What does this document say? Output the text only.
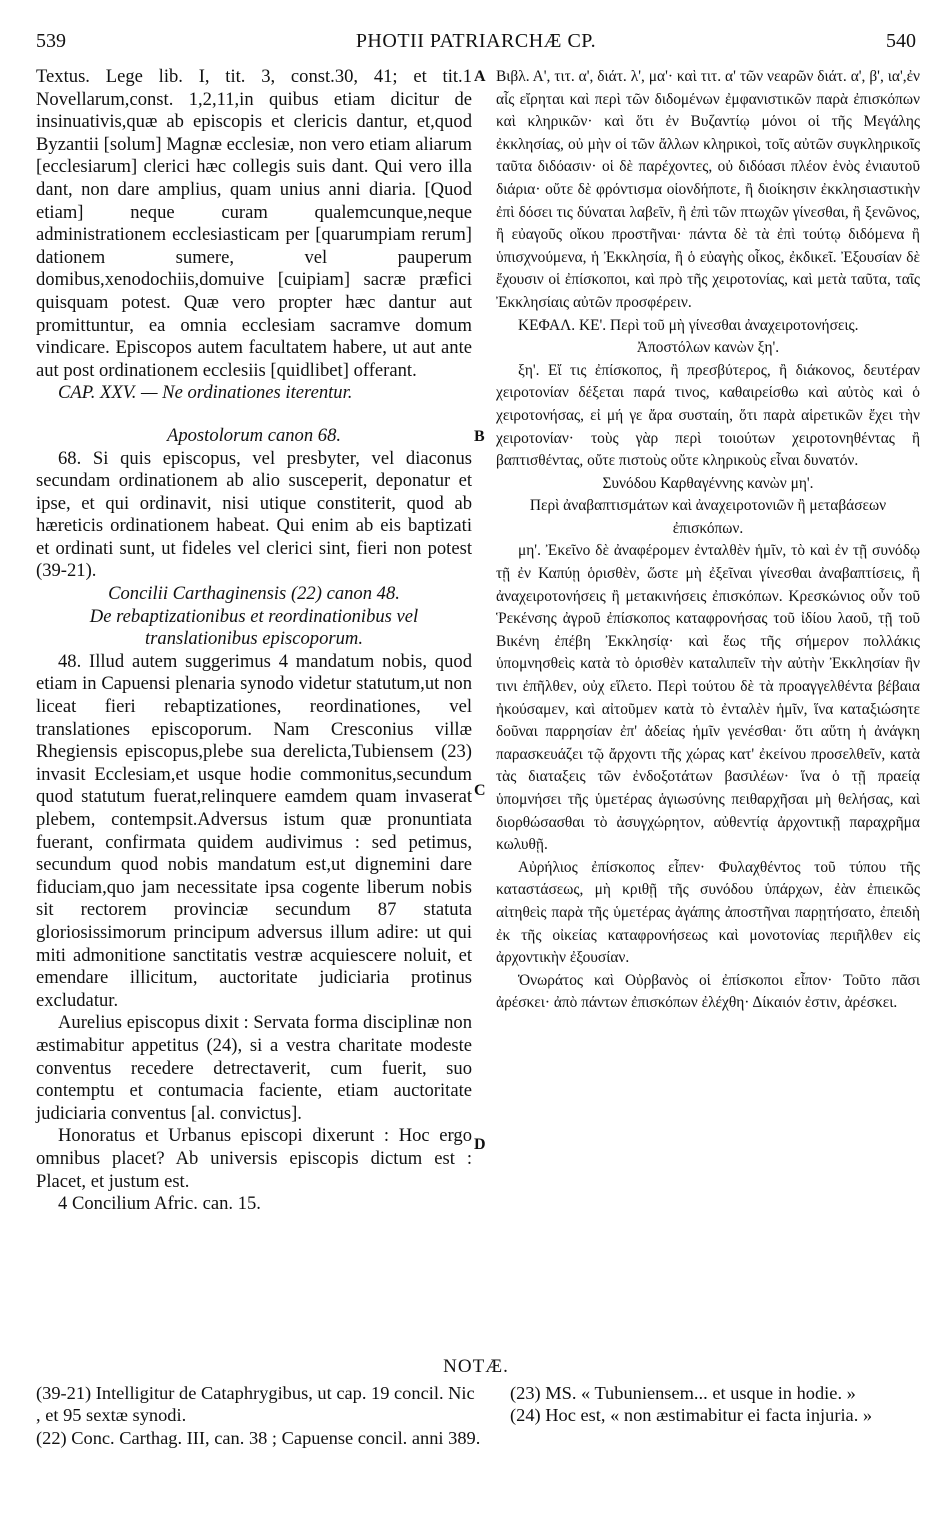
539	PHOTII PATRIARCHÆ CP.	540
A
B
C
D

Textus. Lege lib. I, tit. 3, const.30, 41; et tit.1 Novellarum,const. 1,2,11,in quibus etiam dicitur de insinuativis,quæ ab episcopis et clericis dantur, et,quod Byzantii [solum] Magnæ ecclesiæ, non vero etiam aliarum [ecclesiarum] clerici hæc collegis suis dant. Qui vero illa dant, non dare amplius, quam unius anni diaria. [Quod etiam] neque curam qualemcunque,neque administrationem ecclesiasticam per [quarumpiam rerum] dationem sumere, vel pauperum domibus,xenodochiis,domuive [cuipiam] sacræ præfici quisquam potest. Quæ vero propter hæc dantur aut promittuntur, ea omnia ecclesiam sacramve domum vindicare. Episcopos autem facultatem habere, ut aut ante aut post ordinationem ecclesiis [quidlibet] offerant.

CAP. XXV. — Ne ordinationes iterentur.

Apostolorum canon 68.

68. Si quis episcopus, vel presbyter, vel diaconus secundam ordinationem ab alio susceperit, deponatur et ipse, et qui ordinavit, nisi utique constiterit, quod ab hæreticis ordinationem habeat. Qui enim ab eis baptizati et ordinati sunt, ut fideles vel clerici sint, fieri non potest (39-21).

Concilii Carthaginensis (22) canon 48.

De rebaptizationibus et reordinationibus vel translationibus episcoporum.

48. Illud autem suggerimus 4 mandatum nobis, quod etiam in Capuensi plenaria synodo videtur statutum,ut non liceat fieri rebaptizationes, reordinationes, vel translationes episcoporum. Nam Cresconius villæ Rhegiensis episcopus,plebe sua derelicta,Tubiensem (23) invasit Ecclesiam,et usque hodie commonitus,secundum quod statutum fuerat,relinquere eamdem quam invaserat plebem, contempsit.Adversus istum quæ pronuntiata fuerant, confirmata quidem audivimus : sed petimus, secundum quod nobis mandatum est,ut dignemini dare fiduciam,quo jam necessitate ipsa cogente liberum nobis sit rectorem provinciæ secundum 87 statuta gloriosissimorum principum adversus illum adire: ut qui miti admonitione sanctitatis vestræ acquiescere noluit, et emendare illicitum, auctoritate judiciaria protinus excludatur.

Aurelius episcopus dixit : Servata forma disciplinæ non æstimabitur appetitus (24), si a vestra charitate modeste conventus recedere detrectaverit, cum fuerit, suo contemptu et contumacia faciente, etiam auctoritate judiciaria conventus [al. convictus].

Honoratus et Urbanus episcopi dixerunt : Hoc ergo omnibus placet? Ab universis episcopis dictum est : Placet, et justum est.

4 Concilium Afric. can. 15.

Βιβλ. Α', τιτ. α', διάτ. λ', μα'· καὶ τιτ. α' τῶν νεαρῶν διάτ. α', β', ια',ἐν αἷς εἴρηται καὶ περὶ τῶν διδομένων ἐμφανιστικῶν παρὰ ἐπισκόπων καὶ κληρικῶν· καὶ ὅτι ἐν Βυζαντίῳ μόνοι οἱ τῆς Μεγάλης ἐκκλησίας, οὐ μὴν οἱ τῶν ἄλλων κληρικοὶ, τοῖς αὐτῶν συγκληρικοῖς ταῦτα διδόασιν· οἱ δὲ παρέχοντες, οὐ διδόασι πλέον ἑνὸς ἐνιαυτοῦ διάρια· οὔτε δὲ φρόντισμα οἱονδήποτε, ἢ διοίκησιν ἐκκλησιαστικὴν ἐπὶ δόσει τις δύναται λαβεῖν, ἢ ἐπὶ τῶν πτωχῶν γίνεσθαι, ἢ ξενῶνος, ἢ εὐαγοῦς οἴκου προστῆναι· πάντα δὲ τὰ ἐπὶ τούτῳ διδόμενα ἢ ὑπισχνούμενα, ἡ Ἐκκλησία, ἢ ὁ εὐαγὴς οἶκος, ἐκδικεῖ. Ἐξουσίαν δὲ ἔχουσιν οἱ ἐπίσκοποι, καὶ πρὸ τῆς χειροτονίας, καὶ μετὰ ταῦτα, ταῖς Ἐκκλησίαις αὐτῶν προσφέρειν.

ΚΕΦΑΛ. ΚΕ'. Περὶ τοῦ μὴ γίνεσθαι ἀναχειροτονήσεις.

Ἀποστόλων κανὼν ξη'.

ξη'. Εἴ τις ἐπίσκοπος, ἢ πρεσβύτερος, ἢ διάκονος, δευτέραν χειροτονίαν δέξεται παρά τινος, καθαιρείσθω καὶ αὐτὸς καὶ ὁ χειροτονήσας, εἰ μή γε ἄρα συσταίη, ὅτι παρὰ αἱρετικῶν ἔχει τὴν χειροτονίαν· τοὺς γὰρ περὶ τοιούτων χειροτονηθέντας ἢ βαπτισθέντας, οὔτε πιστοὺς οὔτε κληρικοὺς εἶναι δυνατόν.

Συνόδου Καρθαγέννης κανὼν μη'.

Περὶ ἀναβαπτισμάτων καὶ ἀναχειροτονιῶν ἢ μεταβάσεων ἐπισκόπων.

μη'. Ἐκεῖνο δὲ ἀναφέρομεν ἐνταλθὲν ἡμῖν, τὸ καὶ ἐν τῇ συνόδῳ τῇ ἐν Καπύῃ ὁρισθὲν, ὥστε μὴ ἐξεῖναι γίνεσθαι ἀναβαπτίσεις, ἢ ἀναχειροτονήσεις ἢ μετακινήσεις ἐπισκόπων. Κρεσκώνιος οὖν τοῦ Ῥεκένσης ἀγροῦ ἐπίσκοπος καταφρονήσας τοῦ ἰδίου λαοῦ, τῇ τοῦ Βικένη ἐπέβη Ἐκκλησίᾳ· καὶ ἕως τῆς σήμερον πολλάκις ὑπομνησθεὶς κατὰ τὸ ὁρισθὲν καταλιπεῖν τὴν αὐτὴν Ἐκκλησίαν ἣν τινι ἐπῆλθεν, οὐχ εἵλετο. Περὶ τούτου δὲ τὰ προαγγελθέντα βέβαια ἠκούσαμεν, καὶ αἰτοῦμεν κατὰ τὸ ἐνταλὲν ἡμῖν, ἵνα καταξιώσητε δοῦναι παρρησίαν ἐπ' ἀδείας ἡμῖν γενέσθαι· ὅτι αὕτη ἡ ἀνάγκη παρασκευάζει τῷ ἄρχοντι τῆς χώρας κατ' ἐκείνου προσελθεῖν, κατὰ τὰς διαταξεις τῶν ἐνδοξοτάτων βασιλέων· ἵνα ὁ τῇ πραείᾳ ὑπομνήσει τῆς ὑμετέρας ἁγιωσύνης πειθαρχῆσαι μὴ θελήσας, καὶ διορθώσασθαι τὸ ἀσυγχώρητον, αὐθεντίᾳ ἀρχοντικῇ παραχρῆμα κωλυθῇ.

Αὐρήλιος ἐπίσκοπος εἶπεν· Φυλαχθέντος τοῦ τύπου τῆς καταστάσεως, μὴ κριθῇ τῆς συνόδου ὑπάρχων, ἐὰν ἐπιεικῶς αἰτηθεὶς παρὰ τῆς ὑμετέρας ἀγάπης ἀποστῆναι παρῃτήσατο, ἐπειδὴ ἐκ τῆς οἰκείας καταφρονήσεως καὶ μονοτονίας περιῆλθεν εἰς ἀρχοντικὴν ἐξουσίαν.

Ὁνωράτος καὶ Οὐρβανὸς οἱ ἐπίσκοποι εἶπον· Τοῦτο πᾶσι ἀρέσκει· ἀπὸ πάντων ἐπισκόπων ἐλέχθη· Δίκαιόν ἐστιν, ἀρέσκει.

NOTÆ.

(39-21) Intelligitur de Cataphrygibus, ut cap. 19 concil. Nic , et 95 sextæ synodi.

(22) Conc. Carthag. III, can. 38 ; Capuense concil. anni 389.

(23) MS. « Tubuniensem... et usque in hodie. »

(24) Hoc est, « non æstimabitur ei facta injuria. »
